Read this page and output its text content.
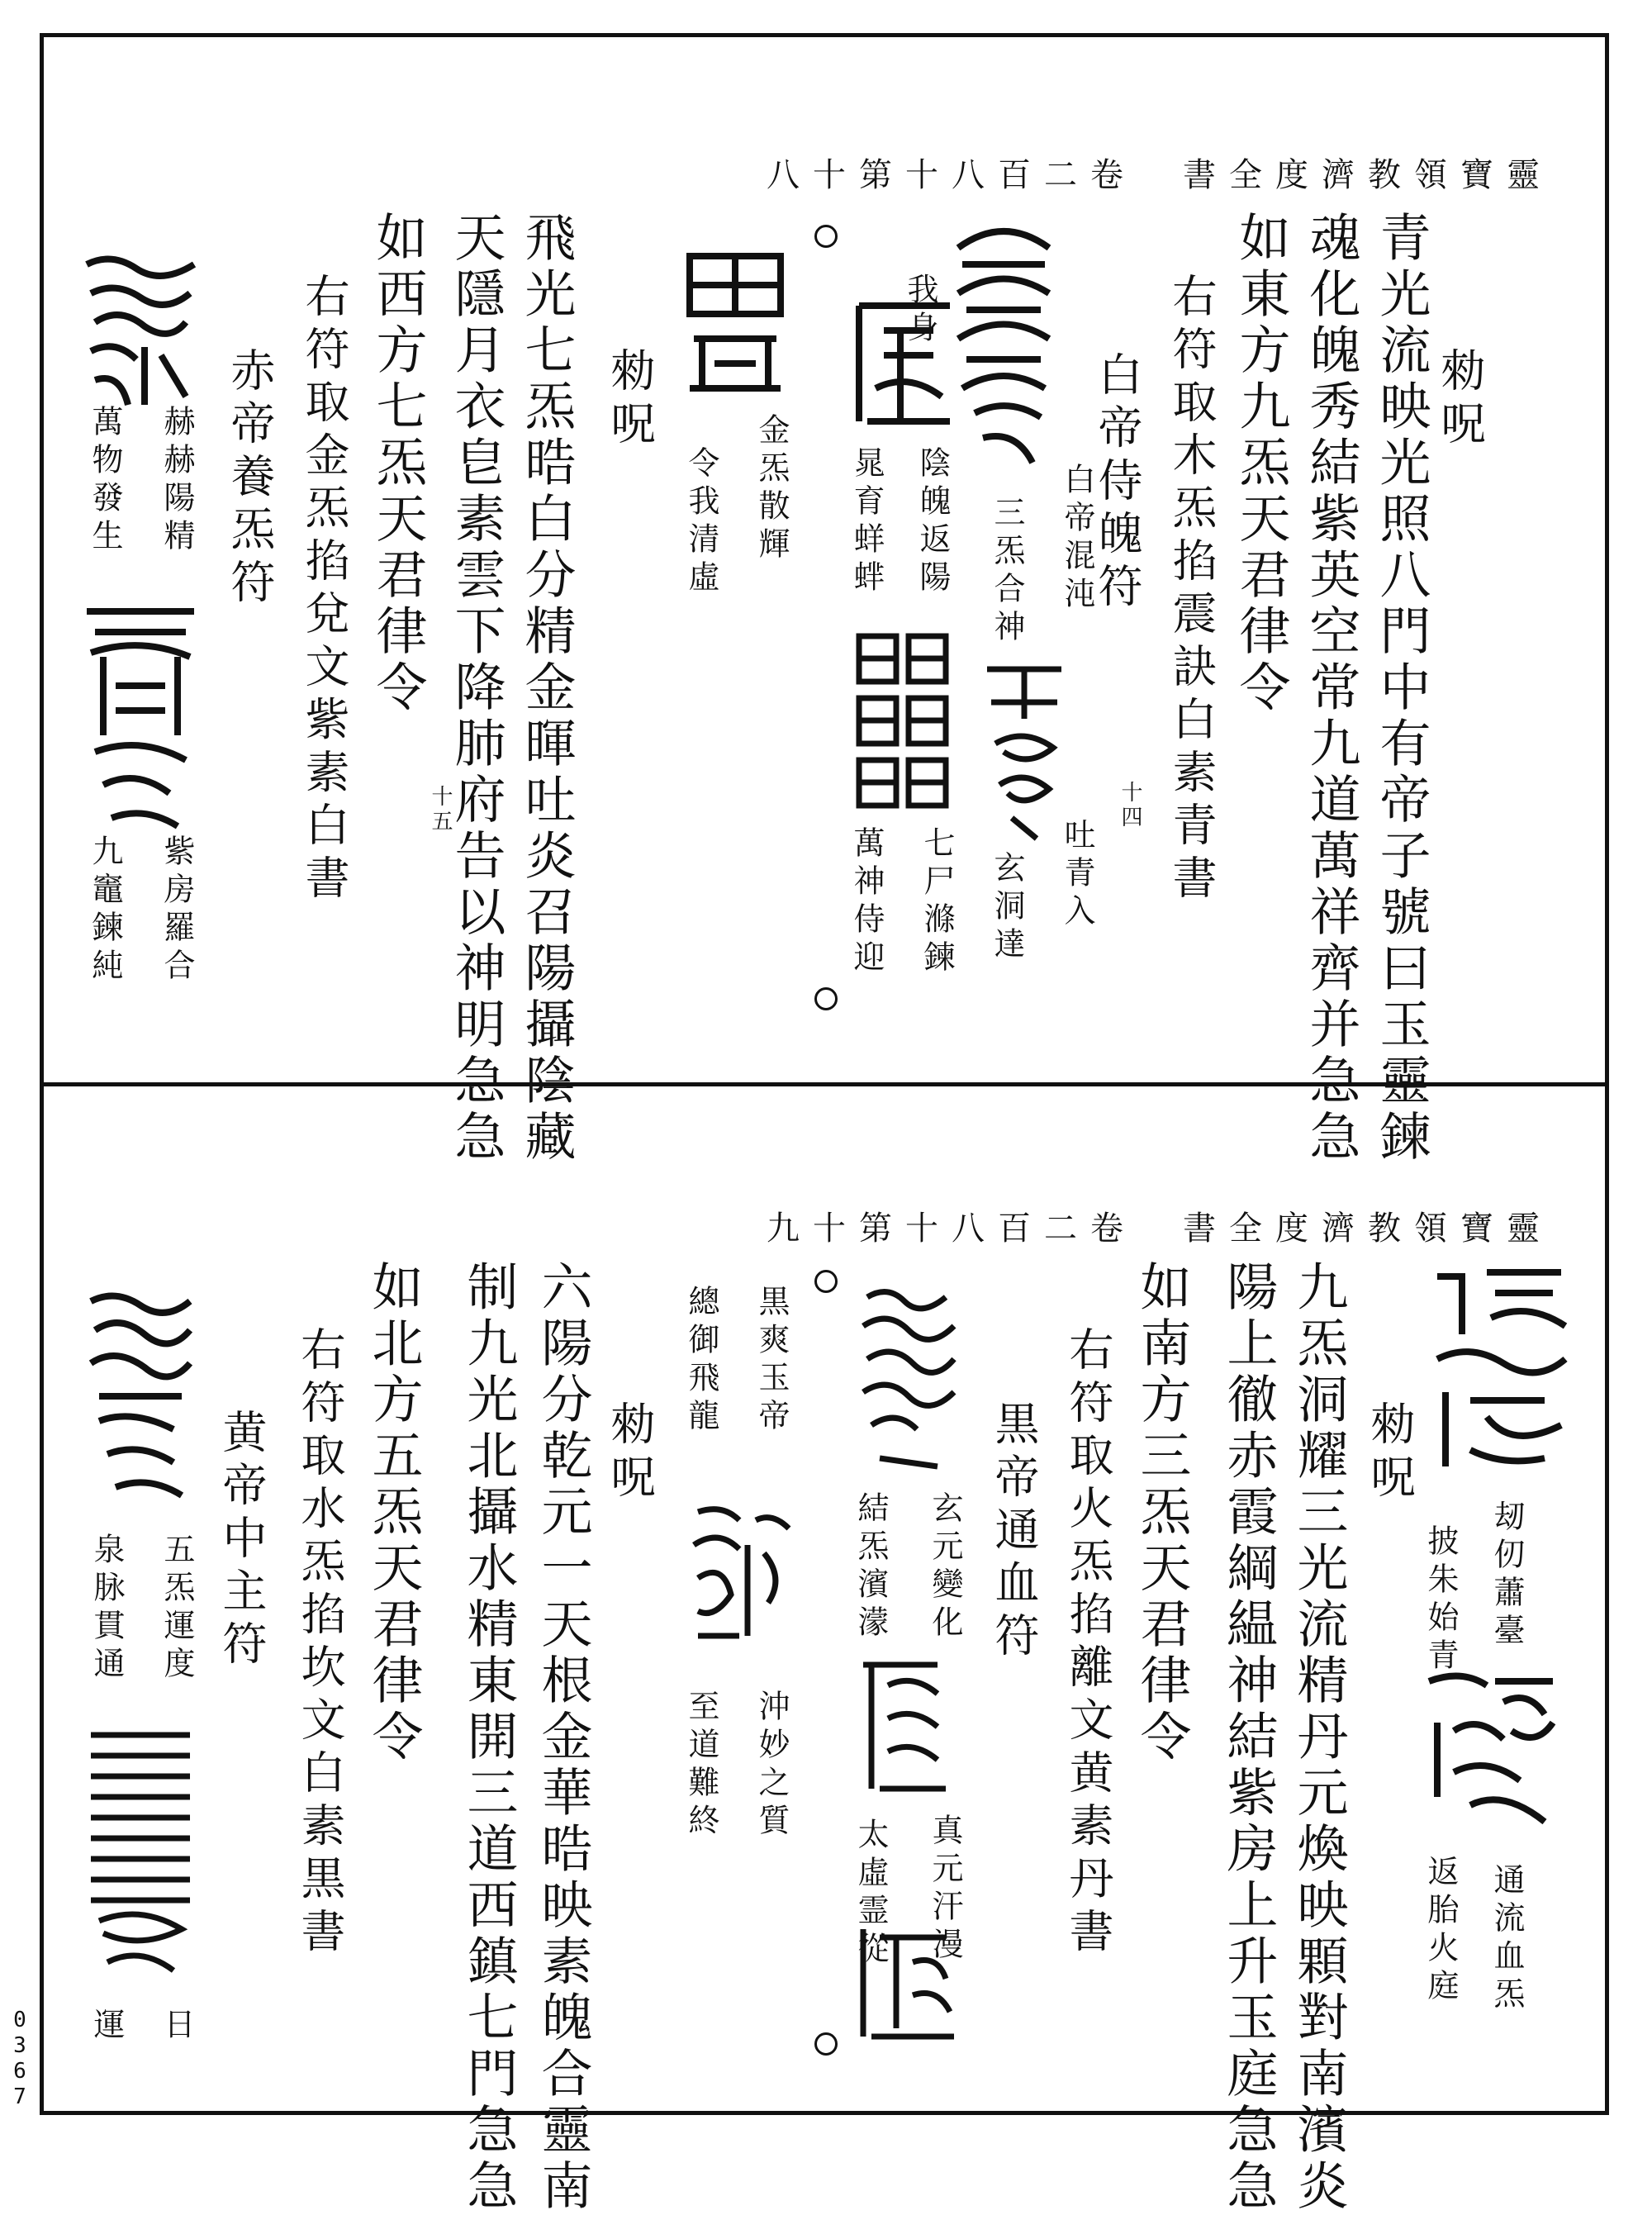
0
3
6
7
靈寶領教濟度全書　卷二百八十第十八
勑呪
青光流映光照八門中有帝子號曰玉靈鍊
魂化魄秀結紫英空常九道萬祥齊并急急
如東方九炁天君律令
右符取木炁掐震訣白素青書
十四
白帝侍魄符
白帝混沌
三炁合神
吐青入
玄洞達
我身
陰魄返陽
晁育蛘蝆
七尸滌鍊
萬神侍迎
金炁散輝
令我清虛
勑呪
飛光七炁晧白分精金暉吐炎召陽攝陰藏
天隱月衣皀素雲下降肺府告以神明急急
十五
如西方七炁天君律令
右符取金炁掐兌文紫素白書
赤帝養炁符
赫赫陽精
萬物發生
紫房羅合
九竈鍊純
靈寶領教濟度全書　卷二百八十第十九
刼仞蕭臺
披朱始青
通流血炁
返胎火庭
勑呪
九炁洞耀三光流精丹元煥映顆對南濱炎
陽上徹赤霞綱緼神結紫房上升玉庭急急
如南方三炁天君律令
右符取火炁掐離文黄素丹書
黒帝通血符
玄元變化
結炁濱濛
真元汗漫
太虛霊從
黒爽玉帝
總御飛龍
沖妙之質
至道難終
勑呪
六陽分乾元一天根金華晧映素魄合靈南
制九光北攝水精東開三道西鎮七門急急
如北方五炁天君律令
右符取水炁掐坎文白素黒書
黄帝中主符
五炁運度
泉脉貫通
日
運
